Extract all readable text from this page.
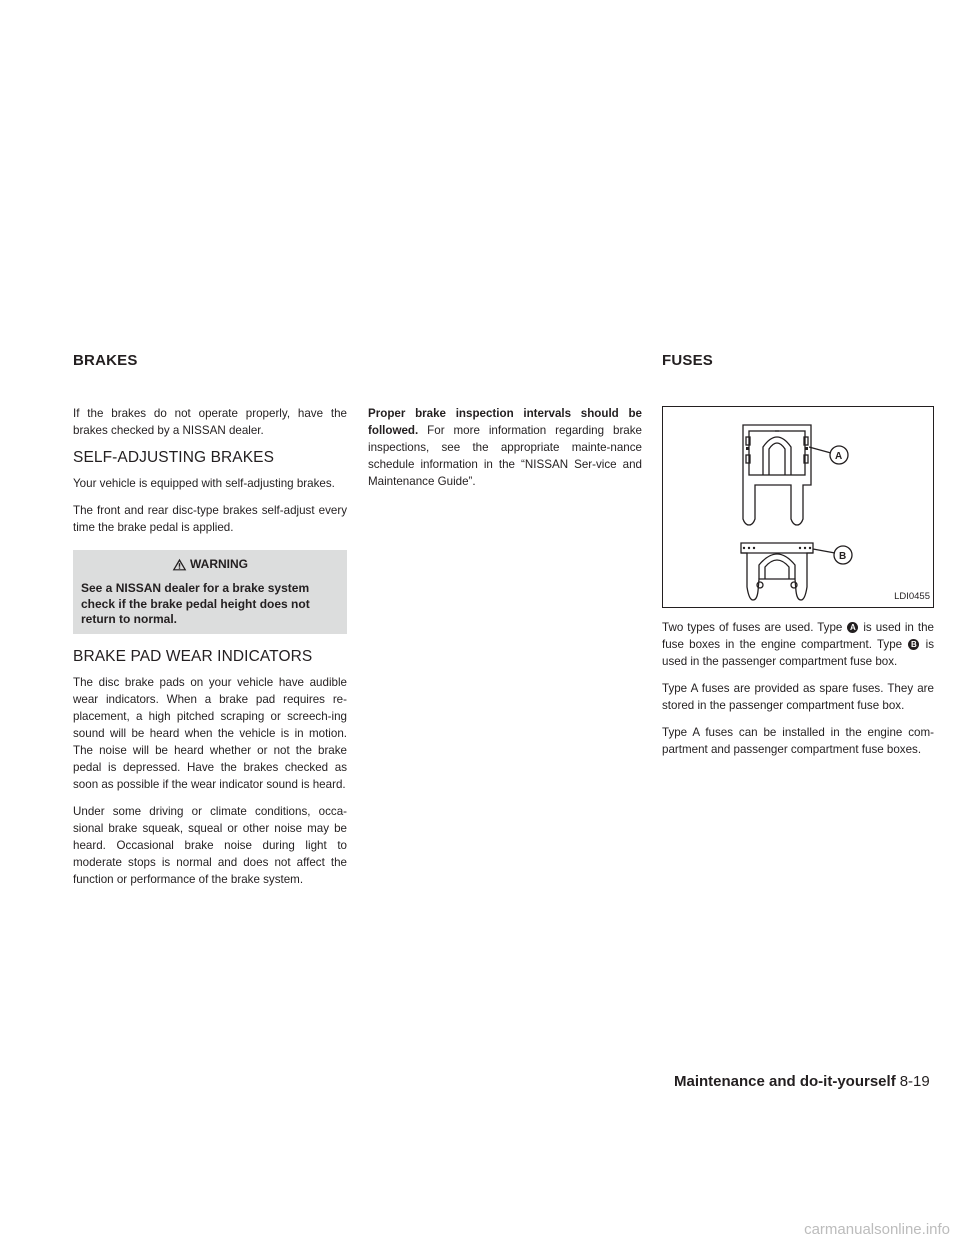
BRAKES	FUSES

If the brakes do not operate properly, have the brakes checked by a NISSAN dealer.

SELF-ADJUSTING BRAKES

Your vehicle is equipped with self-adjusting brakes.

The front and rear disc-type brakes self-adjust every time the brake pedal is applied.

WARNING
See a NISSAN dealer for a brake system check if the brake pedal height does not return to normal.
BRAKE PAD WEAR INDICATORS

The disc brake pads on your vehicle have audible wear indicators. When a brake pad requires re-placement, a high pitched scraping or screech-ing sound will be heard when the vehicle is in motion. The noise will be heard whether or not the brake pedal is depressed. Have the brakes checked as soon as possible if the wear indicator sound is heard.

Under some driving or climate conditions, occa-sional brake squeak, squeal or other noise may be heard. Occasional brake noise during light to moderate stops is normal and does not affect the function or performance of the brake system.

Proper brake inspection intervals should be followed. For more information regarding brake inspections, see the appropriate mainte-nance schedule information in the “NISSAN Ser-vice and Maintenance Guide”.

A
B
LDI0455

Two types of fuses are used. Type A is used in the fuse boxes in the engine compartment. Type B is used in the passenger compartment fuse box.

Type A fuses are provided as spare fuses. They are stored in the passenger compartment fuse box.

Type A fuses can be installed in the engine com-partment and passenger compartment fuse boxes.

Maintenance and do-it-yourself 8-19
carmanualsonline.info
